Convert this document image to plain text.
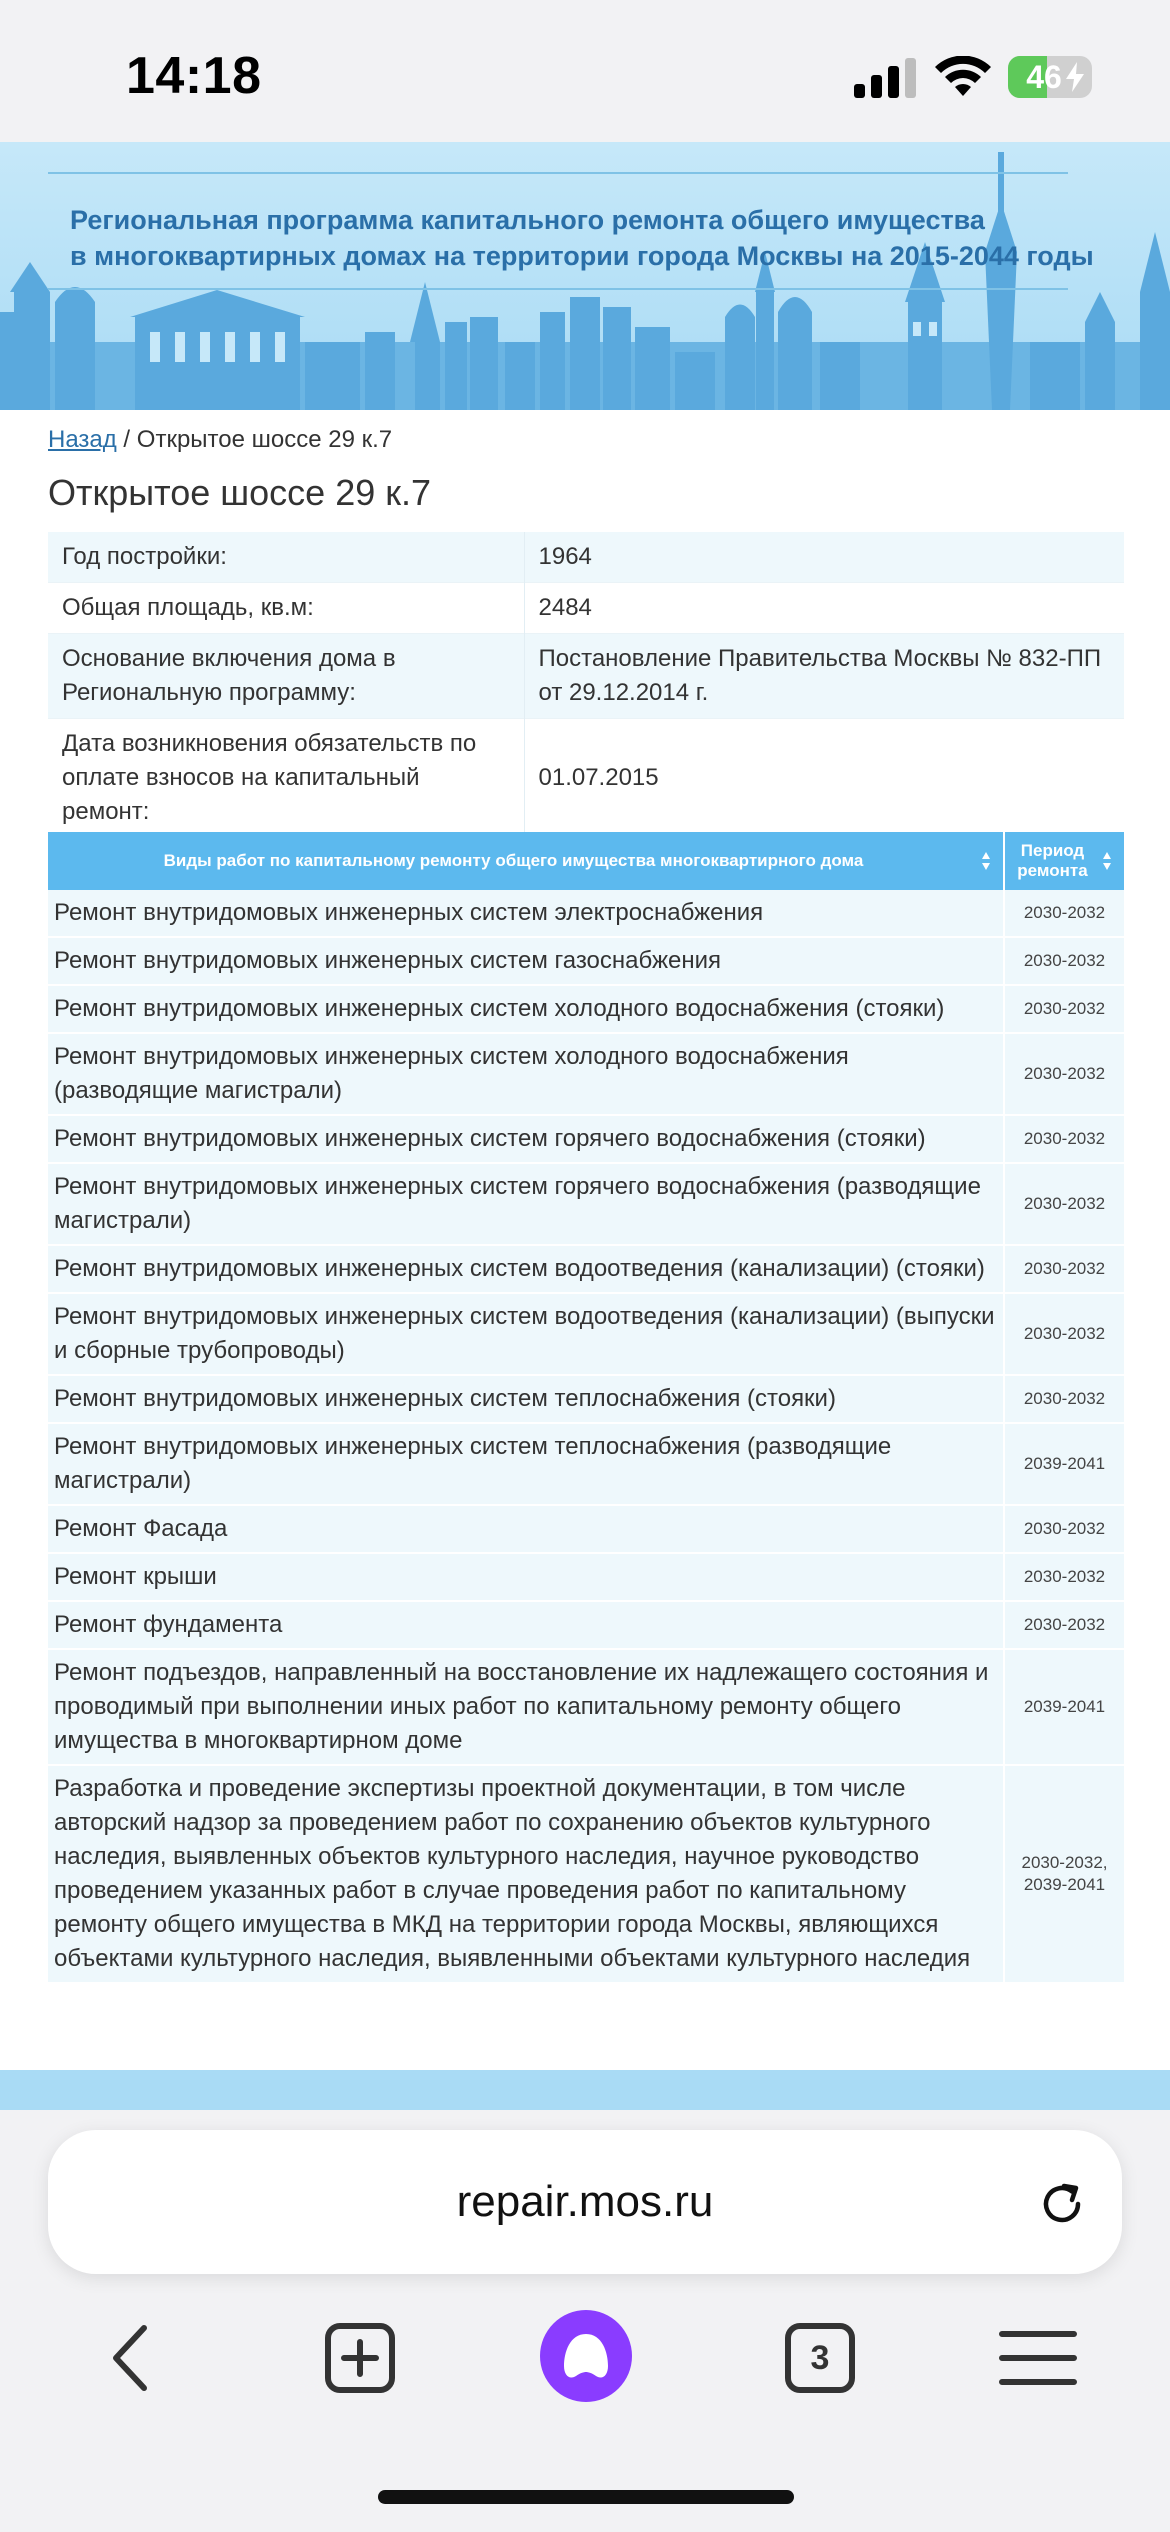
14:18	46
Региональная программа капитального ремонта общего имущества
в многоквартирных домах на территории города Москвы на 2015-2044 годы
Назад / Открытое шоссе 29 к.7
Открытое шоссе 29 к.7
Год постройки:	1964
Общая площадь, кв.м:	2484
Основание включения дома в Региональную программу:	Постановление Правительства Москвы № 832-ПП от 29.12.2014 г.
Дата возникновения обязательств по оплате взносов на капитальный ремонт:	01.07.2015
Виды работ по капитальному ремонту общего имущества многоквартирного дома	Период
ремонта

Ремонт внутридомовых инженерных систем электроснабжения	2030-2032
Ремонт внутридомовых инженерных систем газоснабжения	2030-2032
Ремонт внутридомовых инженерных систем холодного водоснабжения (стояки)	2030-2032
Ремонт внутридомовых инженерных систем холодного водоснабжения (разводящие магистрали)	2030-2032
Ремонт внутридомовых инженерных систем горячего водоснабжения (стояки)	2030-2032
Ремонт внутридомовых инженерных систем горячего водоснабжения (разводящие магистрали)	2030-2032
Ремонт внутридомовых инженерных систем водоотведения (канализации) (стояки)	2030-2032
Ремонт внутридомовых инженерных систем водоотведения (канализации) (выпуски и сборные трубопроводы)	2030-2032
Ремонт внутридомовых инженерных систем теплоснабжения (стояки)	2030-2032
Ремонт внутридомовых инженерных систем теплоснабжения (разводящие магистрали)	2039-2041
Ремонт Фасада	2030-2032
Ремонт крыши	2030-2032
Ремонт фундамента	2030-2032
Ремонт подъездов, направленный на восстановление их надлежащего состояния и проводимый при выполнении иных работ по капитальному ремонту общего имущества в многоквартирном доме	2039-2041
Разработка и проведение экспертизы проектной документации, в том числе авторский надзор за проведением работ по сохранению объектов культурного наследия, выявленных объектов культурного наследия, научное руководство проведением указанных работ в случае проведения работ по капитальному ремонту общего имущества в МКД на территории города Москвы, являющихся объектами культурного наследия, выявленными объектами культурного наследия	2030-2032, 2039-2041
repair.mos.ru
3
